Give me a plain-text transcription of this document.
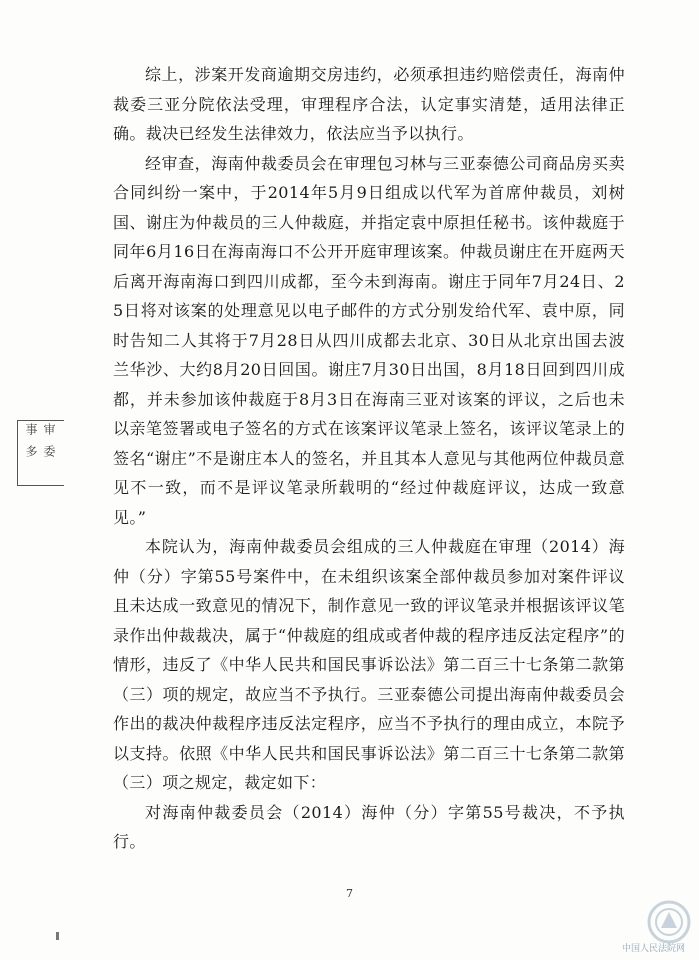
综上，涉案开发商逾期交房违约，必须承担违约赔偿责任，海南仲裁委三亚分院依法受理，审理程序合法，认定事实清楚，适用法律正确。裁决已经发生法律效力，依法应当予以执行。

经审查，海南仲裁委员会在审理包习林与三亚泰德公司商品房买卖合同纠纷一案中，于2014年5月9日组成以代军为首席仲裁员，刘树国、谢庄为仲裁员的三人仲裁庭，并指定袁中原担任秘书。该仲裁庭于同年6月16日在海南海口不公开开庭审理该案。仲裁员谢庄在开庭两天后离开海南海口到四川成都，至今未到海南。谢庄于同年7月24日、25日将对该案的处理意见以电子邮件的方式分别发给代军、袁中原，同时告知二人其将于7月28日从四川成都去北京、30日从北京出国去波兰华沙、大约8月20日回国。谢庄7月30日出国，8月18日回到四川成都，并未参加该仲裁庭于8月3日在海南三亚对该案的评议，之后也未以亲笔签署或电子签名的方式在该案评议笔录上签名，该评议笔录上的签名“谢庄”不是谢庄本人的签名，并且其本人意见与其他两位仲裁员意见不一致，而不是评议笔录所载明的“经过仲裁庭评议，达成一致意见。”

本院认为，海南仲裁委员会组成的三人仲裁庭在审理（2014）海仲（分）字第55号案件中，在未组织该案全部仲裁员参加对案件评议且未达成一致意见的情况下，制作意见一致的评议笔录并根据该评议笔录作出仲裁裁决，属于“仲裁庭的组成或者仲裁的程序违反法定程序”的情形，违反了《中华人民共和国民事诉讼法》第二百三十七条第二款第（三）项的规定，故应当不予执行。三亚泰德公司提出海南仲裁委员会作出的裁决仲裁程序违反法定程序，应当不予执行的理由成立，本院予以支持。依照《中华人民共和国民事诉讼法》第二百三十七条第二款第（三）项之规定，裁定如下：

对海南仲裁委员会（2014）海仲（分）字第55号裁决，不予执行。

7
事 多 审 委
中国人民法院网
